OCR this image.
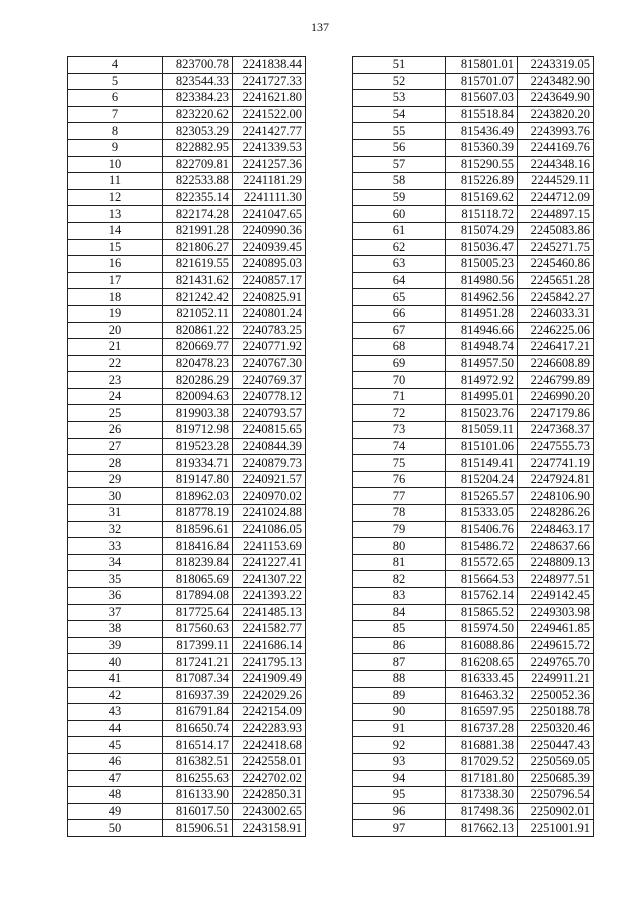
137
4	823700.78	2241838.44
5	823544.33	2241727.33
6	823384.23	2241621.80
7	823220.62	2241522.00
8	823053.29	2241427.77
9	822882.95	2241339.53
10	822709.81	2241257.36
11	822533.88	2241181.29
12	822355.14	2241111.30
13	822174.28	2241047.65
14	821991.28	2240990.36
15	821806.27	2240939.45
16	821619.55	2240895.03
17	821431.62	2240857.17
18	821242.42	2240825.91
19	821052.11	2240801.24
20	820861.22	2240783.25
21	820669.77	2240771.92
22	820478.23	2240767.30
23	820286.29	2240769.37
24	820094.63	2240778.12
25	819903.38	2240793.57
26	819712.98	2240815.65
27	819523.28	2240844.39
28	819334.71	2240879.73
29	819147.80	2240921.57
30	818962.03	2240970.02
31	818778.19	2241024.88
32	818596.61	2241086.05
33	818416.84	2241153.69
34	818239.84	2241227.41
35	818065.69	2241307.22
36	817894.08	2241393.22
37	817725.64	2241485.13
38	817560.63	2241582.77
39	817399.11	2241686.14
40	817241.21	2241795.13
41	817087.34	2241909.49
42	816937.39	2242029.26
43	816791.84	2242154.09
44	816650.74	2242283.93
45	816514.17	2242418.68
46	816382.51	2242558.01
47	816255.63	2242702.02
48	816133.90	2242850.31
49	816017.50	2243002.65
50	815906.51	2243158.91
51	815801.01	2243319.05
52	815701.07	2243482.90
53	815607.03	2243649.90
54	815518.84	2243820.20
55	815436.49	2243993.76
56	815360.39	2244169.76
57	815290.55	2244348.16
58	815226.89	2244529.11
59	815169.62	2244712.09
60	815118.72	2244897.15
61	815074.29	2245083.86
62	815036.47	2245271.75
63	815005.23	2245460.86
64	814980.56	2245651.28
65	814962.56	2245842.27
66	814951.28	2246033.31
67	814946.66	2246225.06
68	814948.74	2246417.21
69	814957.50	2246608.89
70	814972.92	2246799.89
71	814995.01	2246990.20
72	815023.76	2247179.86
73	815059.11	2247368.37
74	815101.06	2247555.73
75	815149.41	2247741.19
76	815204.24	2247924.81
77	815265.57	2248106.90
78	815333.05	2248286.26
79	815406.76	2248463.17
80	815486.72	2248637.66
81	815572.65	2248809.13
82	815664.53	2248977.51
83	815762.14	2249142.45
84	815865.52	2249303.98
85	815974.50	2249461.85
86	816088.86	2249615.72
87	816208.65	2249765.70
88	816333.45	2249911.21
89	816463.32	2250052.36
90	816597.95	2250188.78
91	816737.28	2250320.46
92	816881.38	2250447.43
93	817029.52	2250569.05
94	817181.80	2250685.39
95	817338.30	2250796.54
96	817498.36	2250902.01
97	817662.13	2251001.91
